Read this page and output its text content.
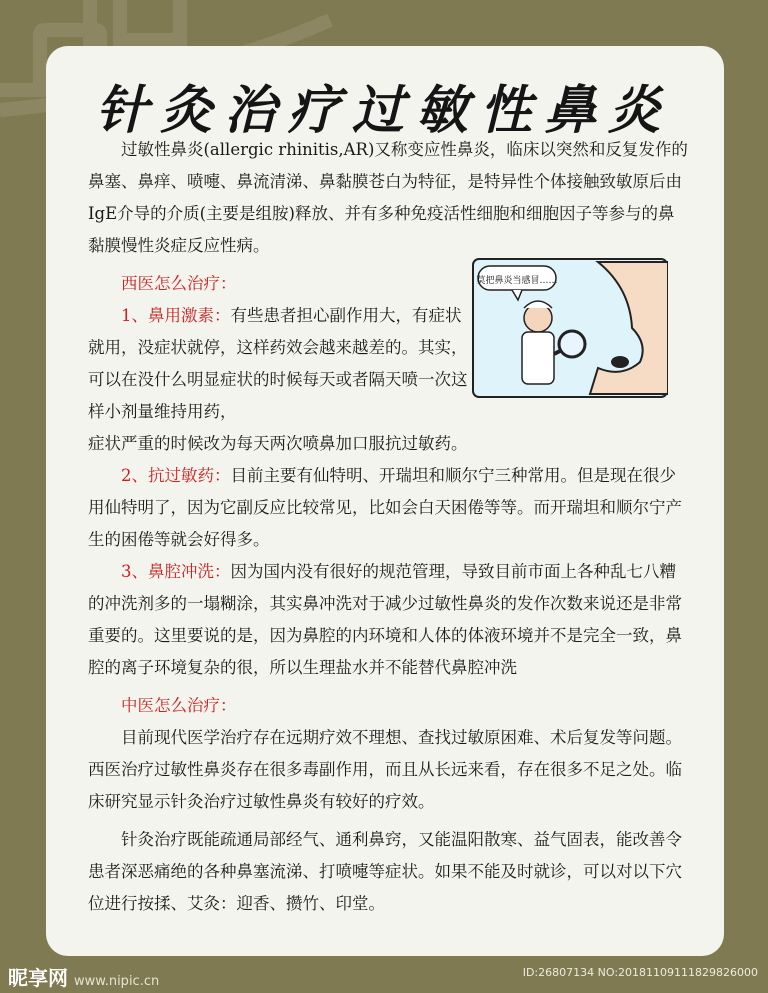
针灸治疗过敏性鼻炎
莫把鼻炎当感冒……

过敏性鼻炎(allergic rhinitis,AR)又称变应性鼻炎，临床以突然和反复发作的鼻塞、鼻痒、喷嚏、鼻流清涕、鼻黏膜苍白为特征，是特异性个体接触致敏原后由IgE介导的介质(主要是组胺)释放、并有多种免疫活性细胞和细胞因子等参与的鼻黏膜慢性炎症反应性病。

西医怎么治疗：

1、鼻用激素：有些患者担心副作用大，有症状就用，没症状就停，这样药效会越来越差的。其实，可以在没什么明显症状的时候每天或者隔天喷一次这样小剂量维持用药，

症状严重的时候改为每天两次喷鼻加口服抗过敏药。

2、抗过敏药：目前主要有仙特明、开瑞坦和顺尔宁三种常用。但是现在很少用仙特明了，因为它副反应比较常见，比如会白天困倦等等。而开瑞坦和顺尔宁产生的困倦等就会好得多。

3、鼻腔冲洗：因为国内没有很好的规范管理，导致目前市面上各种乱七八糟的冲洗剂多的一塌糊涂，其实鼻冲洗对于减少过敏性鼻炎的发作次数来说还是非常重要的。这里要说的是，因为鼻腔的内环境和人体的体液环境并不是完全一致，鼻腔的离子环境复杂的很，所以生理盐水并不能替代鼻腔冲洗

中医怎么治疗：

目前现代医学治疗存在远期疗效不理想、查找过敏原困难、术后复发等问题。西医治疗过敏性鼻炎存在很多毒副作用，而且从长远来看，存在很多不足之处。临床研究显示针灸治疗过敏性鼻炎有较好的疗效。

针灸治疗既能疏通局部经气、通利鼻窍，又能温阳散寒、益气固表，能改善令患者深恶痛绝的各种鼻塞流涕、打喷嚏等症状。如果不能及时就诊，可以对以下穴位进行按揉、艾灸：迎香、攒竹、印堂。

昵享网 www.nipic.cn
ID:26807134 NO:20181109111829826000
